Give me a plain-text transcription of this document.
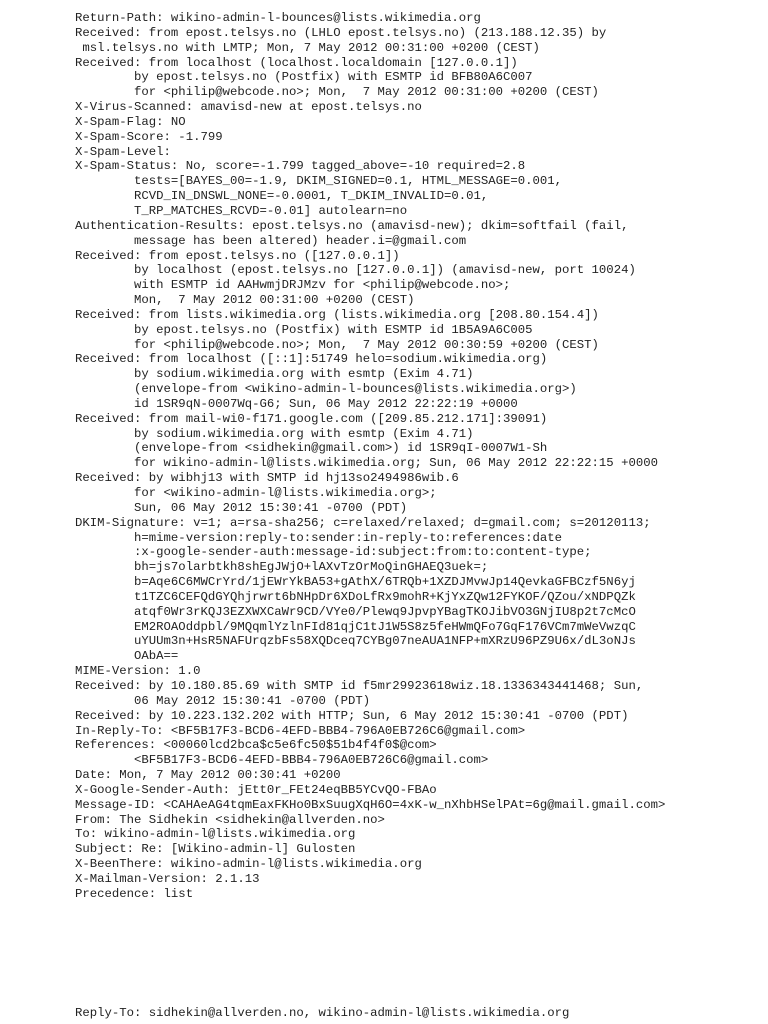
Return-Path: wikino-admin-l-bounces@lists.wikimedia.org
Received: from epost.telsys.no (LHLO epost.telsys.no) (213.188.12.35) by
msl.telsys.no with LMTP; Mon, 7 May 2012 00:31:00 +0200 (CEST)
Received: from localhost (localhost.localdomain [127.0.0.1])
by epost.telsys.no (Postfix) with ESMTP id BFB80A6C007
for <philip@webcode.no>; Mon,  7 May 2012 00:31:00 +0200 (CEST)
X-Virus-Scanned: amavisd-new at epost.telsys.no
X-Spam-Flag: NO
X-Spam-Score: -1.799
X-Spam-Level:
X-Spam-Status: No, score=-1.799 tagged_above=-10 required=2.8
tests=[BAYES_00=-1.9, DKIM_SIGNED=0.1, HTML_MESSAGE=0.001,
RCVD_IN_DNSWL_NONE=-0.0001, T_DKIM_INVALID=0.01,
T_RP_MATCHES_RCVD=-0.01] autolearn=no
Authentication-Results: epost.telsys.no (amavisd-new); dkim=softfail (fail,
message has been altered) header.i=@gmail.com
Received: from epost.telsys.no ([127.0.0.1])
by localhost (epost.telsys.no [127.0.0.1]) (amavisd-new, port 10024)
with ESMTP id AAHwmjDRJMzv for <philip@webcode.no>;
Mon,  7 May 2012 00:31:00 +0200 (CEST)
Received: from lists.wikimedia.org (lists.wikimedia.org [208.80.154.4])
by epost.telsys.no (Postfix) with ESMTP id 1B5A9A6C005
for <philip@webcode.no>; Mon,  7 May 2012 00:30:59 +0200 (CEST)
Received: from localhost ([::1]:51749 helo=sodium.wikimedia.org)
by sodium.wikimedia.org with esmtp (Exim 4.71)
(envelope-from <wikino-admin-l-bounces@lists.wikimedia.org>)
id 1SR9qN-0007Wq-G6; Sun, 06 May 2012 22:22:19 +0000
Received: from mail-wi0-f171.google.com ([209.85.212.171]:39091)
by sodium.wikimedia.org with esmtp (Exim 4.71)
(envelope-from <sidhekin@gmail.com>) id 1SR9qI-0007W1-Sh
for wikino-admin-l@lists.wikimedia.org; Sun, 06 May 2012 22:22:15 +0000
Received: by wibhj13 with SMTP id hj13so2494986wib.6
for <wikino-admin-l@lists.wikimedia.org>;
Sun, 06 May 2012 15:30:41 -0700 (PDT)
DKIM-Signature: v=1; a=rsa-sha256; c=relaxed/relaxed; d=gmail.com; s=20120113;
h=mime-version:reply-to:sender:in-reply-to:references:date
:x-google-sender-auth:message-id:subject:from:to:content-type;
bh=js7olarbtkh8shEgJWjO+lAXvTzOrMoQinGHAEQ3uek=;
b=Aqe6C6MWCrYrd/1jEWrYkBA53+gAthX/6TRQb+1XZDJMvwJp14QevkaGFBCzf5N6yj
t1TZC6CEFQdGYQhjrwrt6bNHpDr6XDoLfRx9mohR+KjYxZQw12FYKOF/QZou/xNDPQZk
atqf0Wr3rKQJ3EZXWXCaWr9CD/VYe0/Plewq9JpvpYBagTKOJibVO3GNjIU8p2t7cMcO
EM2ROAOddpbl/9MQqmlYzlnFId81qjC1tJ1W5S8z5feHWmQFo7GqF176VCm7mWeVwzqC
uYUUm3n+HsR5NAFUrqzbFs58XQDceq7CYBg07neAUA1NFP+mXRzU96PZ9U6x/dL3oNJs
OAbA==
MIME-Version: 1.0
Received: by 10.180.85.69 with SMTP id f5mr29923618wiz.18.1336343441468; Sun,
06 May 2012 15:30:41 -0700 (PDT)
Received: by 10.223.132.202 with HTTP; Sun, 6 May 2012 15:30:41 -0700 (PDT)
In-Reply-To: <BF5B17F3-BCD6-4EFD-BBB4-796A0EB726C6@gmail.com>
References: <00060lcd2bca$c5e6fc50$51b4f4f0$@com>
<BF5B17F3-BCD6-4EFD-BBB4-796A0EB726C6@gmail.com>
Date: Mon, 7 May 2012 00:30:41 +0200
X-Google-Sender-Auth: jEtt0r_FEt24eqBB5YCvQO-FBAo
Message-ID: <CAHAeAG4tqmEaxFKHo0BxSuugXqH6O=4xK-w_nXhbHSelPAt=6g@mail.gmail.com>
From: The Sidhekin <sidhekin@allverden.no>
To: wikino-admin-l@lists.wikimedia.org
Subject: Re: [Wikino-admin-l] Gulosten
X-BeenThere: wikino-admin-l@lists.wikimedia.org
X-Mailman-Version: 2.1.13
Precedence: list
Reply-To: sidhekin@allverden.no, wikino-admin-l@lists.wikimedia.org
